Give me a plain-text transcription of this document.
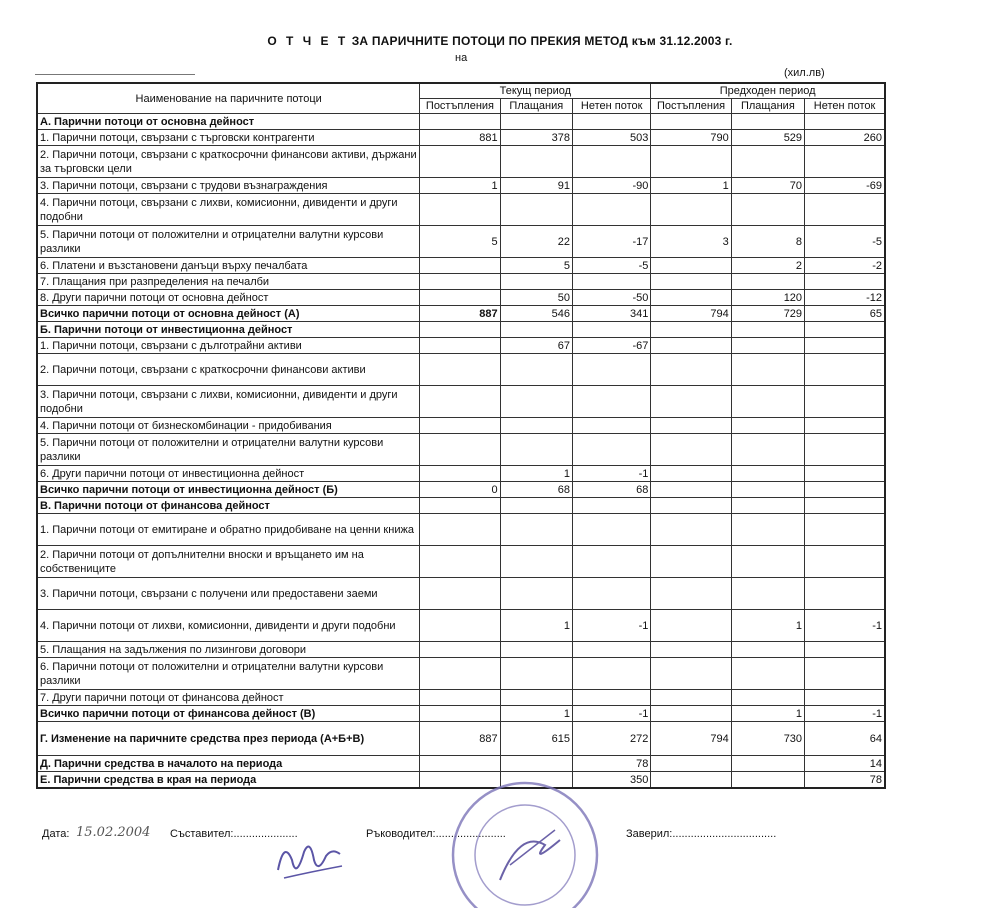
О Т Ч Е Т ЗА ПАРИЧНИТЕ ПОТОЦИ ПО ПРЕКИЯ МЕТОД към 31.12.2003 г.
на
(хил.лв)
Наименование на паричните потоци	Текущ период			Предходен период		
	Постъпления	Плащания	Нетен поток	Постъпления	Плащания	Нетен поток
А. Парични потоци от основна дейност						
1. Парични потоци, свързани с търговски контрагенти	881	378	503	790	529	260
2. Парични потоци, свързани с краткосрочни финансови активи, държани за търговски цели						
3. Парични потоци, свързани с трудови възнаграждения	1	91	-90	1	70	-69
4. Парични потоци, свързани с лихви, комисионни, дивиденти и други подобни						
5. Парични потоци от положителни и отрицателни валутни курсови разлики	5	22	-17	3	8	-5
6. Платени и възстановени данъци върху печалбата		5	-5		2	-2
7. Плащания при разпределения на печалби						
8. Други парични потоци от основна дейност		50	-50		120	-12
Всичко парични потоци от основна дейност (А)	887	546	341	794	729	65
Б. Парични потоци от инвестиционна дейност						
1. Парични потоци, свързани с дълготрайни активи		67	-67			
2. Парични потоци, свързани с краткосрочни финансови активи						
3. Парични потоци, свързани с лихви, комисионни, дивиденти и други подобни						
4. Парични потоци от бизнескомбинации - придобивания						
5. Парични потоци от положителни и отрицателни валутни курсови разлики						
6. Други парични потоци от инвестиционна дейност		1	-1			
Всичко парични потоци от инвестиционна дейност (Б)	0	68	68			
В. Парични потоци от финансова дейност						
1. Парични потоци от емитиране и обратно придобиване на ценни книжа						
2. Парични потоци от допълнителни вноски и връщането им на собствениците						
3. Парични потоци, свързани с получени или предоставени заеми						
4. Парични потоци от лихви, комисионни, дивиденти и други подобни		1	-1		1	-1
5. Плащания на задължения по лизингови договори						
6. Парични потоци от положителни и отрицателни валутни курсови разлики						
7. Други парични потоци от финансова дейност						
Всичко парични потоци от финансова дейност (В)		1	-1		1	-1
Г. Изменение на паричните средства през периода (А+Б+В)	887	615	272	794	730	64
Д. Парични средства в началото на периода			78			14
Е. Парични средства в края на периода			350			78
Дата:	Съставител:.....................	Ръководител:.......................	Заверил:..................................
15.02.2004
